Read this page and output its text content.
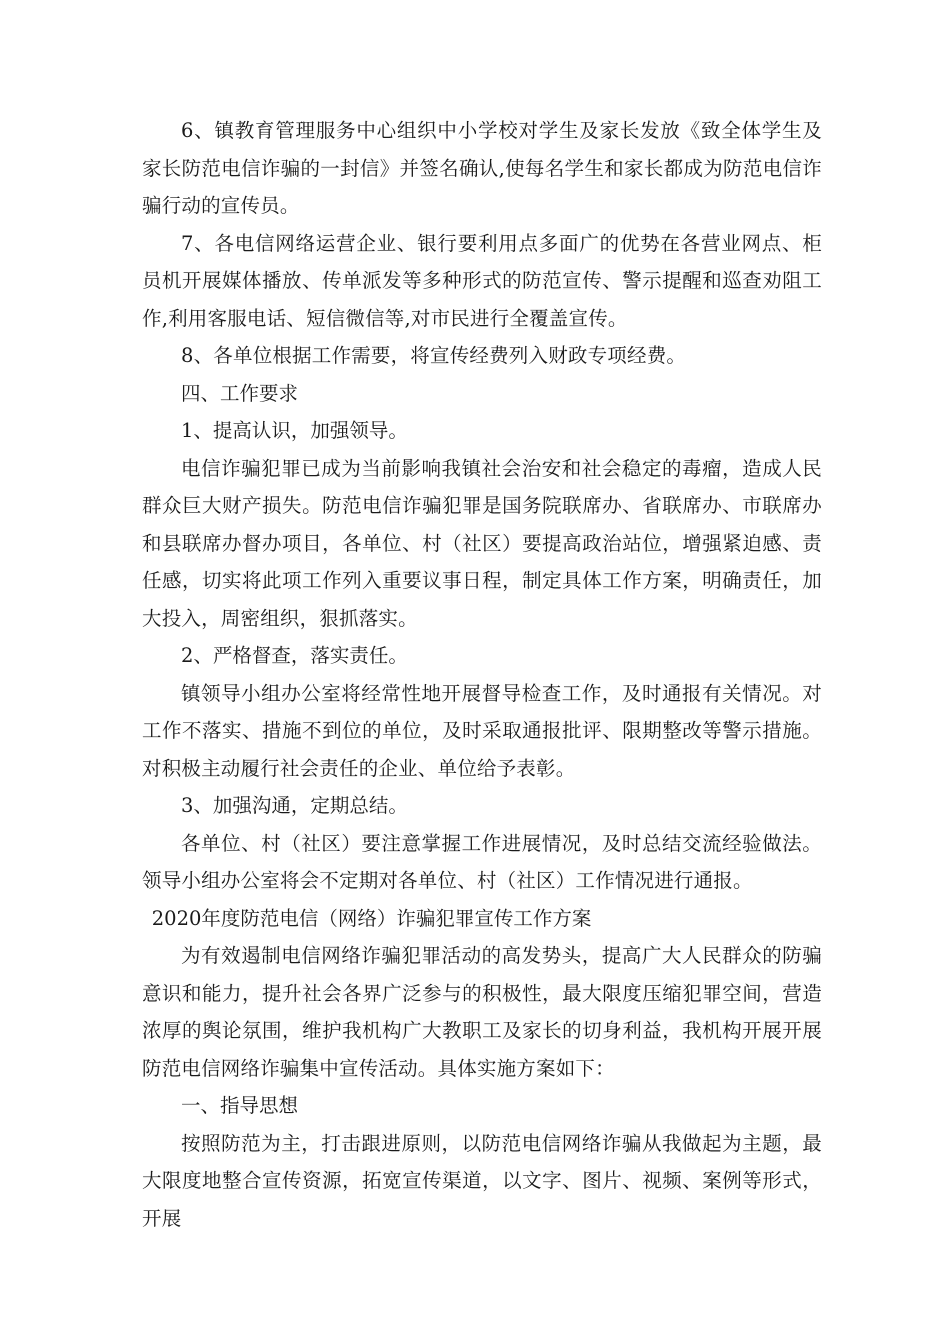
6、镇教育管理服务中心组织中小学校对学生及家长发放《致全体学生及家长防范电信诈骗的一封信》并签名确认,使每名学生和家长都成为防范电信诈骗行动的宣传员。

7、各电信网络运营企业、银行要利用点多面广的优势在各营业网点、柜员机开展媒体播放、传单派发等多种形式的防范宣传、警示提醒和巡查劝阻工作,利用客服电话、短信微信等,对市民进行全覆盖宣传。

8、各单位根据工作需要，将宣传经费列入财政专项经费。

四、工作要求

1、提高认识，加强领导。

电信诈骗犯罪已成为当前影响我镇社会治安和社会稳定的毒瘤，造成人民群众巨大财产损失。防范电信诈骗犯罪是国务院联席办、省联席办、市联席办和县联席办督办项目，各单位、村（社区）要提高政治站位，增强紧迫感、责任感，切实将此项工作列入重要议事日程，制定具体工作方案，明确责任，加大投入，周密组织，狠抓落实。

2、严格督查，落实责任。

镇领导小组办公室将经常性地开展督导检查工作，及时通报有关情况。对工作不落实、措施不到位的单位，及时采取通报批评、限期整改等警示措施。对积极主动履行社会责任的企业、单位给予表彰。

3、加强沟通，定期总结。

各单位、村（社区）要注意掌握工作进展情况，及时总结交流经验做法。领导小组办公室将会不定期对各单位、村（社区）工作情况进行通报。

2020年度防范电信（网络）诈骗犯罪宣传工作方案

为有效遏制电信网络诈骗犯罪活动的高发势头，提高广大人民群众的防骗意识和能力，提升社会各界广泛参与的积极性，最大限度压缩犯罪空间，营造浓厚的舆论氛围，维护我机构广大教职工及家长的切身利益，我机构开展开展防范电信网络诈骗集中宣传活动。具体实施方案如下：

一、指导思想

按照防范为主，打击跟进原则，以防范电信网络诈骗从我做起为主题，最大限度地整合宣传资源，拓宽宣传渠道，以文字、图片、视频、案例等形式，开展
